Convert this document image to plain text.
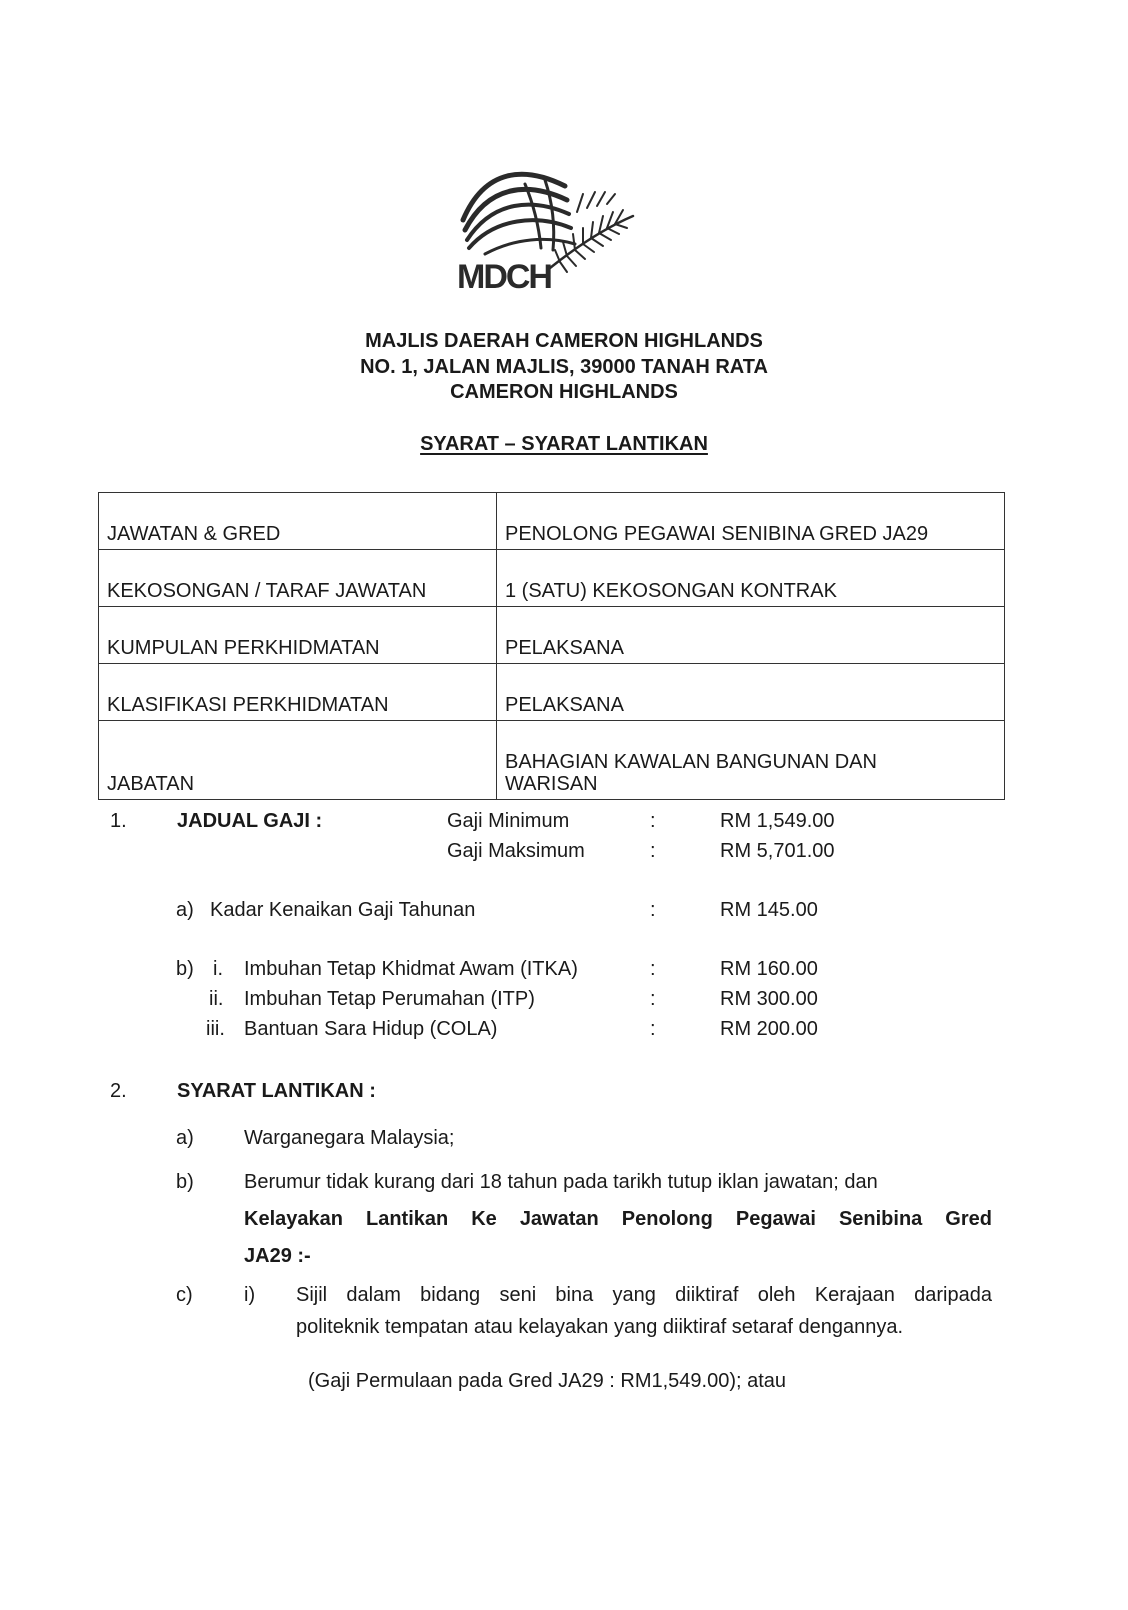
MDCH
MAJLIS DAERAH CAMERON HIGHLANDS
NO. 1, JALAN MAJLIS, 39000 TANAH RATA
CAMERON HIGHLANDS
SYARAT – SYARAT LANTIKAN
JAWATAN & GRED	PENOLONG PEGAWAI SENIBINA GRED JA29
KEKOSONGAN / TARAF JAWATAN	1 (SATU) KEKOSONGAN KONTRAK
KUMPULAN PERKHIDMATAN	PELAKSANA
KLASIFIKASI PERKHIDMATAN	PELAKSANA
JABATAN	BAHAGIAN KAWALAN BANGUNAN DAN WARISAN
1.	JADUAL GAJI :	Gaji Minimum	:	RM 1,549.00
Gaji Maksimum	:	RM 5,701.00
a) Kadar Kenaikan Gaji Tahunan	:	RM 145.00
b) i. Imbuhan Tetap Khidmat Awam (ITKA)	:	RM 160.00
ii. Imbuhan Tetap Perumahan (ITP)	:	RM 300.00
iii. Bantuan Sara Hidup (COLA)	:	RM 200.00
2.	SYARAT LANTIKAN :
a)	Warganegara Malaysia;
b)	Berumur tidak kurang dari 18 tahun pada tarikh tutup iklan jawatan; dan
Kelayakan Lantikan Ke Jawatan Penolong Pegawai Senibina Gred
JA29 :-
c)	i) Sijil dalam bidang seni bina yang diiktiraf oleh Kerajaan daripada
politeknik tempatan atau kelayakan yang diiktiraf setaraf dengannya.
(Gaji Permulaan pada Gred JA29 : RM1,549.00); atau
